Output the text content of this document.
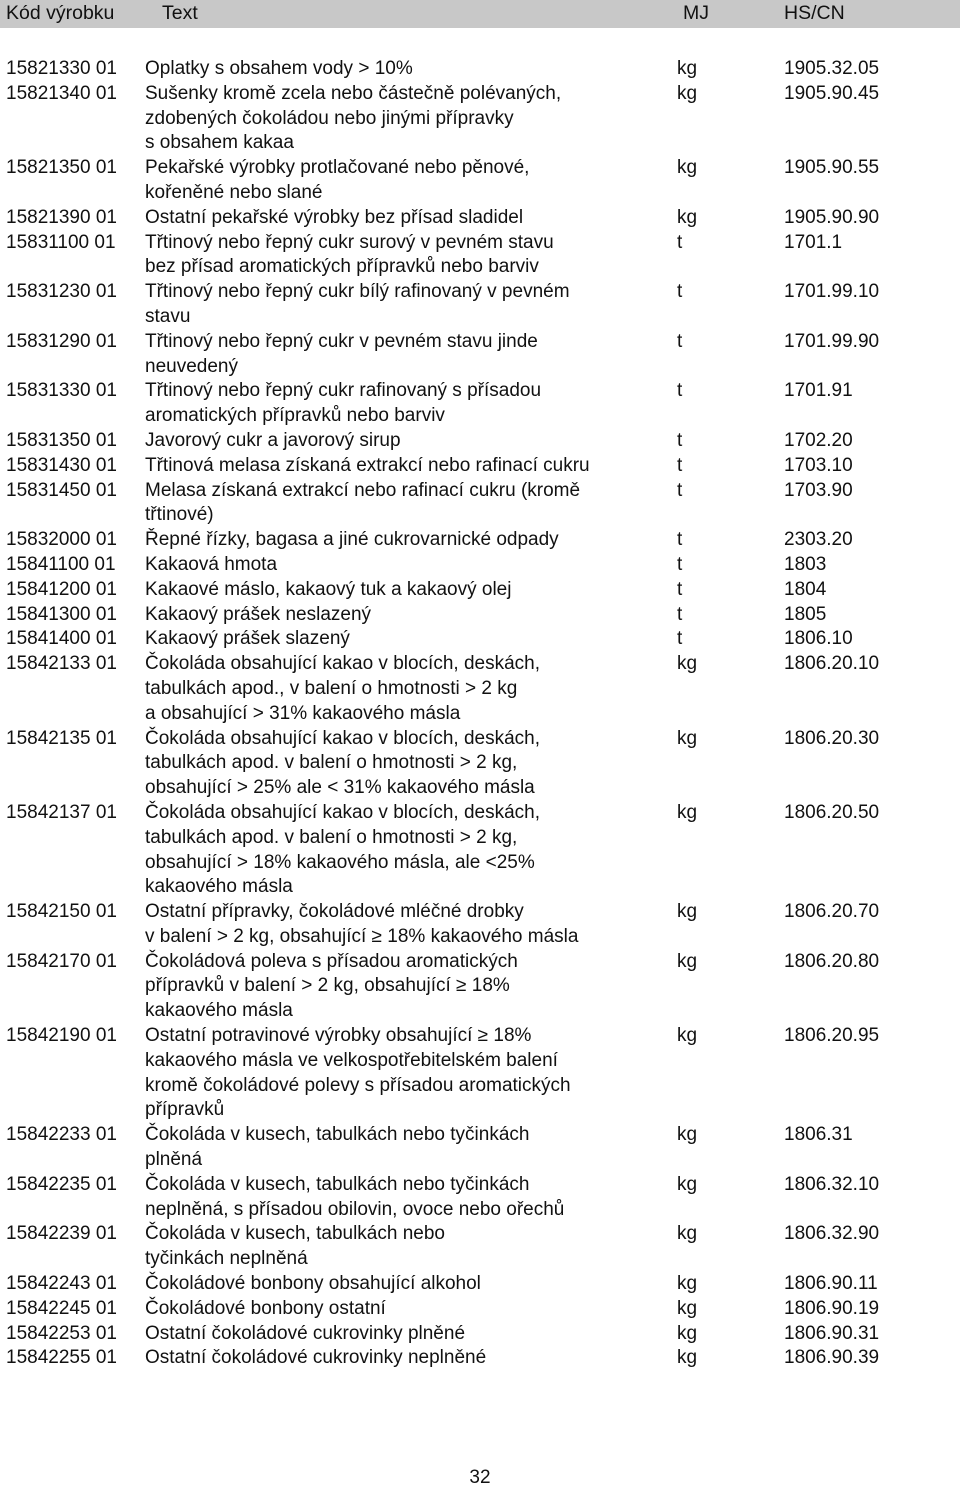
Kód výrobku Text	MJ	HS/CN
15821330 01 Oplatky s obsahem vody > 10%	kg	1905.32.05
15821340 01 Sušenky kromě zcela nebo částečně polévaných,
zdobených čokoládou nebo jinými přípravky
s obsahem kakaa
kg	1905.90.45
15821350 01 Pekařské výrobky protlačované nebo pěnové,
kořeněné nebo slané
kg	1905.90.55
15821390 01 Ostatní pekařské výrobky bez přísad sladidel	kg	1905.90.90
15831100 01 Třtinový nebo řepný cukr surový v pevném stavu
bez přísad aromatických přípravků nebo barviv
t	1701.1
15831230 01 Třtinový nebo řepný cukr bílý rafinovaný v pevném
stavu
t	1701.99.10
15831290 01 Třtinový nebo řepný cukr v pevném stavu jinde
neuvedený
t	1701.99.90
15831330 01 Třtinový nebo řepný cukr rafinovaný s přísadou
aromatických přípravků nebo barviv
t	1701.91
15831350 01 Javorový cukr a javorový sirup	t	1702.20
15831430 01 Třtinová melasa získaná extrakcí nebo rafinací cukru	t	1703.10
15831450 01 Melasa získaná extrakcí nebo rafinací cukru (kromě
třtinové)
t	1703.90
15832000 01 Řepné řízky, bagasa a jiné cukrovarnické odpady	t	2303.20
15841100 01 Kakaová hmota	t	1803
15841200 01 Kakaové máslo, kakaový tuk a kakaový olej	t	1804
15841300 01 Kakaový prášek neslazený	t	1805
15841400 01 Kakaový prášek slazený	t	1806.10
15842133 01 Čokoláda obsahující kakao v blocích, deskách,
tabulkách apod., v balení o hmotnosti > 2 kg
a obsahující > 31% kakaového másla
kg	1806.20.10
15842135 01 Čokoláda obsahující kakao v blocích, deskách,
tabulkách apod. v balení o hmotnosti > 2 kg,
obsahující > 25% ale < 31% kakaového másla
kg	1806.20.30
15842137 01 Čokoláda obsahující kakao v blocích, deskách,
tabulkách apod. v balení o hmotnosti > 2 kg,
obsahující > 18% kakaového másla, ale <25%
kakaového másla
kg	1806.20.50
15842150 01 Ostatní přípravky, čokoládové mléčné drobky
v balení > 2 kg, obsahující ≥ 18% kakaového másla
kg	1806.20.70
15842170 01 Čokoládová poleva s přísadou aromatických
přípravků v balení > 2 kg, obsahující ≥ 18%
kakaového másla
kg	1806.20.80
15842190 01 Ostatní potravinové výrobky obsahující ≥ 18%
kakaového másla ve velkospotřebitelském balení
kromě čokoládové polevy s přísadou aromatických
přípravků
kg	1806.20.95
15842233 01 Čokoláda v kusech, tabulkách nebo tyčinkách
plněná
kg	1806.31
15842235 01 Čokoláda v kusech, tabulkách nebo tyčinkách
neplněná, s přísadou obilovin, ovoce nebo ořechů
kg	1806.32.10
15842239 01 Čokoláda v kusech, tabulkách nebo
tyčinkách neplněná
kg	1806.32.90
15842243 01 Čokoládové bonbony obsahující alkohol	kg	1806.90.11
15842245 01 Čokoládové bonbony ostatní	kg	1806.90.19
15842253 01 Ostatní čokoládové cukrovinky plněné	kg	1806.90.31
15842255 01 Ostatní čokoládové cukrovinky neplněné	kg	1806.90.39
32
